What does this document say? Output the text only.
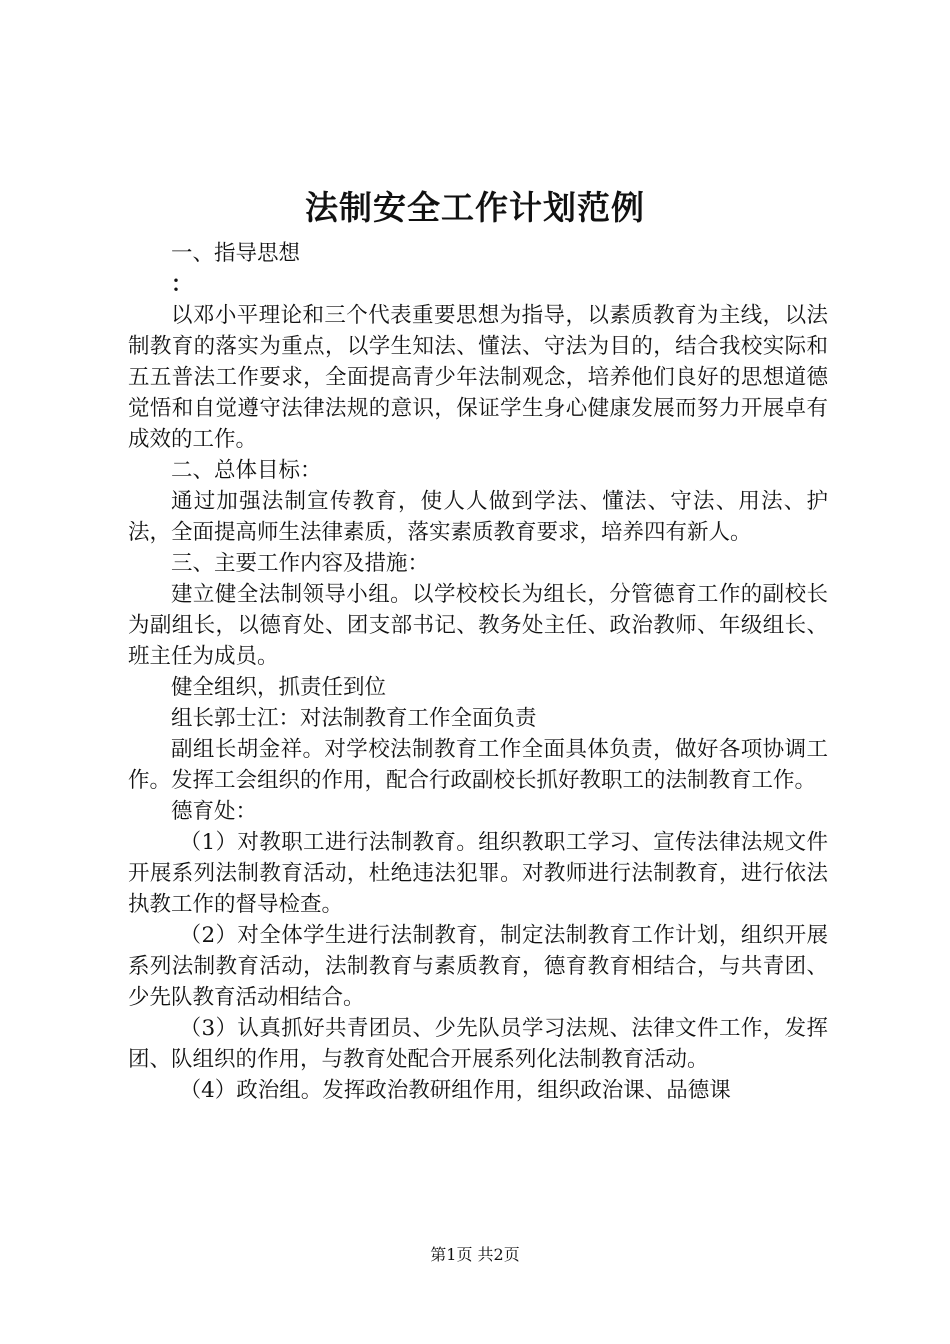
法制安全工作计划范例

一、指导思想

：

以邓小平理论和三个代表重要思想为指导，以素质教育为主线，以法制教育的落实为重点，以学生知法、懂法、守法为目的，结合我校实际和五五普法工作要求，全面提高青少年法制观念，培养他们良好的思想道德觉悟和自觉遵守法律法规的意识，保证学生身心健康发展而努力开展卓有成效的工作。

二、总体目标：

通过加强法制宣传教育，使人人做到学法、懂法、守法、用法、护法，全面提高师生法律素质，落实素质教育要求，培养四有新人。

三、主要工作内容及措施：

建立健全法制领导小组。以学校校长为组长，分管德育工作的副校长为副组长，以德育处、团支部书记、教务处主任、政治教师、年级组长、班主任为成员。

健全组织，抓责任到位

组长郭士江：对法制教育工作全面负责

副组长胡金祥。对学校法制教育工作全面具体负责，做好各项协调工作。发挥工会组织的作用，配合行政副校长抓好教职工的法制教育工作。

德育处：

（1）对教职工进行法制教育。组织教职工学习、宣传法律法规文件开展系列法制教育活动，杜绝违法犯罪。对教师进行法制教育，进行依法执教工作的督导检查。

（2）对全体学生进行法制教育，制定法制教育工作计划，组织开展系列法制教育活动，法制教育与素质教育，德育教育相结合，与共青团、少先队教育活动相结合。

（3）认真抓好共青团员、少先队员学习法规、法律文件工作，发挥团、队组织的作用，与教育处配合开展系列化法制教育活动。

（4）政治组。发挥政治教研组作用，组织政治课、品德课

第1页 共2页
